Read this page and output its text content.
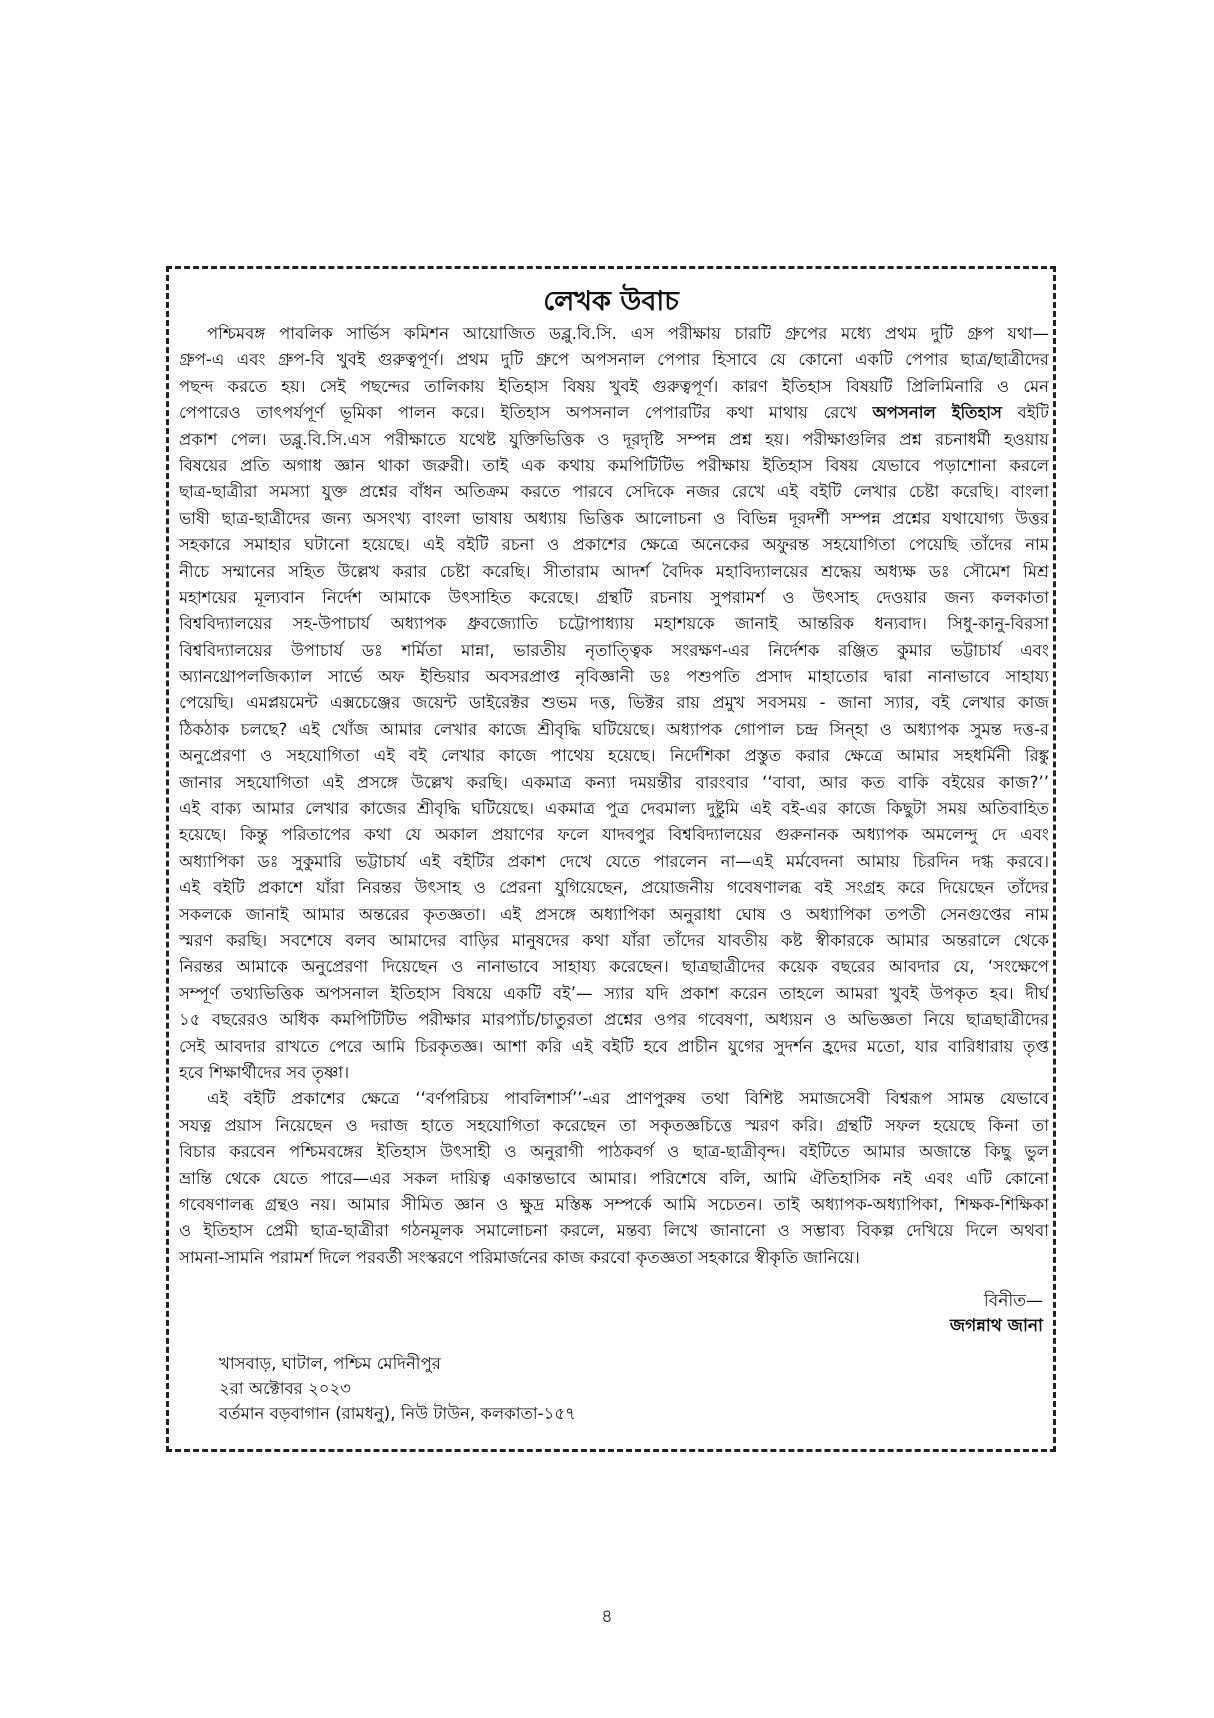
লেখক উবাচ
পশ্চিমবঙ্গ পাবলিক সার্ভিস কমিশন আয়োজিত ডব্লু.বি.সি. এস পরীক্ষায় চারটি গ্রুপের মধ্যে প্রথম দুটি গ্রুপ যথা—
গ্রুপ-এ এবং গ্রুপ-বি খুবই গুরুত্বপূর্ণ। প্রথম দুটি গ্রুপে অপসনাল পেপার হিসাবে যে কোনো একটি পেপার ছাত্র/ছাত্রীদের
পছন্দ করতে হয়। সেই পছন্দের তালিকায় ইতিহাস বিষয় খুবই গুরুত্বপূর্ণ। কারণ ইতিহাস বিষয়টি প্রিলিমিনারি ও মেন
পেপারেও তাৎপর্যপূর্ণ ভূমিকা পালন করে। ইতিহাস অপসনাল পেপারটির কথা মাথায় রেখে অপসনাল ইতিহাস বইটি
প্রকাশ পেল। ডব্লু.বি.সি.এস পরীক্ষাতে যথেষ্ট যুক্তিভিত্তিক ও দূরদৃষ্টি সম্পন্ন প্রশ্ন হয়। পরীক্ষাগুলির প্রশ্ন রচনাধর্মী হওয়ায়
বিষয়ের প্রতি অগাধ জ্ঞান থাকা জরুরী। তাই এক কথায় কমপিটিটিভ পরীক্ষায় ইতিহাস বিষয় যেভাবে পড়াশোনা করলে
ছাত্র-ছাত্রীরা সমস্যা যুক্ত প্রশ্নের বাঁধন অতিক্রম করতে পারবে সেদিকে নজর রেখে এই বইটি লেখার চেষ্টা করেছি। বাংলা
ভাষী ছাত্র-ছাত্রীদের জন্য অসংখ্য বাংলা ভাষায় অধ্যায় ভিত্তিক আলোচনা ও বিভিন্ন দূরদর্শী সম্পন্ন প্রশ্নের যথাযোগ্য উত্তর
সহকারে সমাহার ঘটানো হয়েছে। এই বইটি রচনা ও প্রকাশের ক্ষেত্রে অনেকের অফুরন্ত সহযোগিতা পেয়েছি তাঁদের নাম
নীচে সম্মানের সহিত উল্লেখ করার চেষ্টা করেছি। সীতারাম আদর্শ বৈদিক মহাবিদ্যালয়ের শ্রদ্ধেয় অধ্যক্ষ ডঃ সৌমেশ মিশ্র
মহাশয়ের মূল্যবান নির্দেশ আমাকে উৎসাহিত করেছে। গ্রন্থটি রচনায় সুপরামর্শ ও উৎসাহ দেওয়ার জন্য কলকাতা
বিশ্ববিদ্যালয়ের সহ-উপাচার্য অধ্যাপক ধ্রুবজ্যোতি চট্টোপাধ্যায় মহাশয়কে জানাই আন্তরিক ধন্যবাদ। সিধু-কানু-বিরসা
বিশ্ববিদ্যালয়ের উপাচার্য ডঃ শর্মিতা মান্না, ভারতীয় নৃতাত্ত্বিক সংরক্ষণ-এর নির্দেশক রঞ্জিত কুমার ভট্টাচার্য এবং
অ্যানথ্রোপলজিক্যাল সার্ভে অফ ইন্ডিয়ার অবসরপ্রাপ্ত নৃবিজ্ঞানী ডঃ পশুপতি প্রসাদ মাহাতোর দ্বারা নানাভাবে সাহায্য
পেয়েছি। এমপ্লয়মেন্ট এক্সচেঞ্জের জয়েন্ট ডাইরেক্টর শুভম দত্ত, ভিক্টর রায় প্রমুখ সবসময় - জানা স্যার, বই লেখার কাজ
ঠিকঠাক চলছে? এই খোঁজ আমার লেখার কাজে শ্রীবৃদ্ধি ঘটিয়েছে। অধ্যাপক গোপাল চন্দ্র সিন্‌হা ও অধ্যাপক সুমন্ত দত্ত-র
অনুপ্রেরণা ও সহযোগিতা এই বই লেখার কাজে পাথেয় হয়েছে। নির্দেশিকা প্রস্তুত করার ক্ষেত্রে আমার সহধর্মিনী রিঙ্কু
জানার সহযোগিতা এই প্রসঙ্গে উল্লেখ করছি। একমাত্র কন্যা দময়ন্তীর বারংবার ‘‘বাবা, আর কত বাকি বইয়ের কাজ?’’
এই বাক্য আমার লেখার কাজের শ্রীবৃদ্ধি ঘটিয়েছে। একমাত্র পুত্র দেবমাল্য দুষ্টুমি এই বই-এর কাজে কিছুটা সময় অতিবাহিত
হয়েছে। কিন্তু পরিতাপের কথা যে অকাল প্রয়াণের ফলে যাদবপুর বিশ্ববিদ্যালয়ের গুরুনানক অধ্যাপক অমলেন্দু দে এবং
অধ্যাপিকা ডঃ সুকুমারি ভট্টাচার্য এই বইটির প্রকাশ দেখে যেতে পারলেন না—এই মর্মবেদনা আমায় চিরদিন দগ্ধ করবে।
এই বইটি প্রকাশে যাঁরা নিরন্তর উৎসাহ ও প্রেরনা যুগিয়েছেন, প্রয়োজনীয় গবেষণালব্ধ বই সংগ্রহ করে দিয়েছেন তাঁদের
সকলকে জানাই আমার অন্তরের কৃতজ্ঞতা। এই প্রসঙ্গে অধ্যাপিকা অনুরাধা ঘোষ ও অধ্যাপিকা তপতী সেনগুপ্তের নাম
স্মরণ করছি। সবশেষে বলব আমাদের বাড়ির মানুষদের কথা যাঁরা তাঁদের যাবতীয় কষ্ট স্বীকারকে আমার অন্তরালে থেকে
নিরন্তর আমাকে অনুপ্রেরণা দিয়েছেন ও নানাভাবে সাহায্য করেছেন। ছাত্রছাত্রীদের কয়েক বছরের আবদার যে, ‘সংক্ষেপে
সম্পূর্ণ তথ্যভিত্তিক অপসনাল ইতিহাস বিষয়ে একটি বই’— স্যার যদি প্রকাশ করেন তাহলে আমরা খুবই উপকৃত হব। দীর্ঘ
১৫ বছরেরও অধিক কমপিটিটিভ পরীক্ষার মারপ্যাঁচ/চাতুরতা প্রশ্নের ওপর গবেষণা, অধ্যয়ন ও অভিজ্ঞতা নিয়ে ছাত্রছাত্রীদের
সেই আবদার রাখতে পেরে আমি চিরকৃতজ্ঞ। আশা করি এই বইটি হবে প্রাচীন যুগের সুদর্শন হ্রদের মতো, যার বারিধারায় তৃপ্ত
হবে শিক্ষার্থীদের সব তৃষ্ণা।
এই বইটি প্রকাশের ক্ষেত্রে ‘‘বর্ণপরিচয় পাবলিশার্স’’-এর প্রাণপুরুষ তথা বিশিষ্ট সমাজসেবী বিশ্বরূপ সামন্ত যেভাবে
সযত্ন প্রয়াস নিয়েছেন ও দরাজ হাতে সহযোগিতা করেছেন তা সকৃতজ্ঞচিত্তে স্মরণ করি। গ্রন্থটি সফল হয়েছে কিনা তা
বিচার করবেন পশ্চিমবঙ্গের ইতিহাস উৎসাহী ও অনুরাগী পাঠকবর্গ ও ছাত্র-ছাত্রীবৃন্দ। বইটিতে আমার অজান্তে কিছু ভুল
ভ্রান্তি থেকে যেতে পারে—এর সকল দায়িত্ব একান্তভাবে আমার। পরিশেষে বলি, আমি ঐতিহাসিক নই এবং এটি কোনো
গবেষণালব্ধ গ্রন্থও নয়। আমার সীমিত জ্ঞান ও ক্ষুদ্র মস্তিষ্ক সম্পর্কে আমি সচেতন। তাই অধ্যাপক-অধ্যাপিকা, শিক্ষক-শিক্ষিকা
ও ইতিহাস প্রেমী ছাত্র-ছাত্রীরা গঠনমূলক সমালোচনা করলে, মন্তব্য লিখে জানানো ও সম্ভাব্য বিকল্প দেখিয়ে দিলে অথবা
সামনা-সামনি পরামর্শ দিলে পরবর্তী সংস্করণে পরিমার্জনের কাজ করবো কৃতজ্ঞতা সহকারে স্বীকৃতি জানিয়ে।
বিনীত—
জগন্নাথ জানা
খাসবাড়, ঘাটাল, পশ্চিম মেদিনীপুর
২রা অক্টোবর ২০২৩
বর্তমান বড়বাগান (রামধনু), নিউ টাউন, কলকাতা-১৫৭
৪
